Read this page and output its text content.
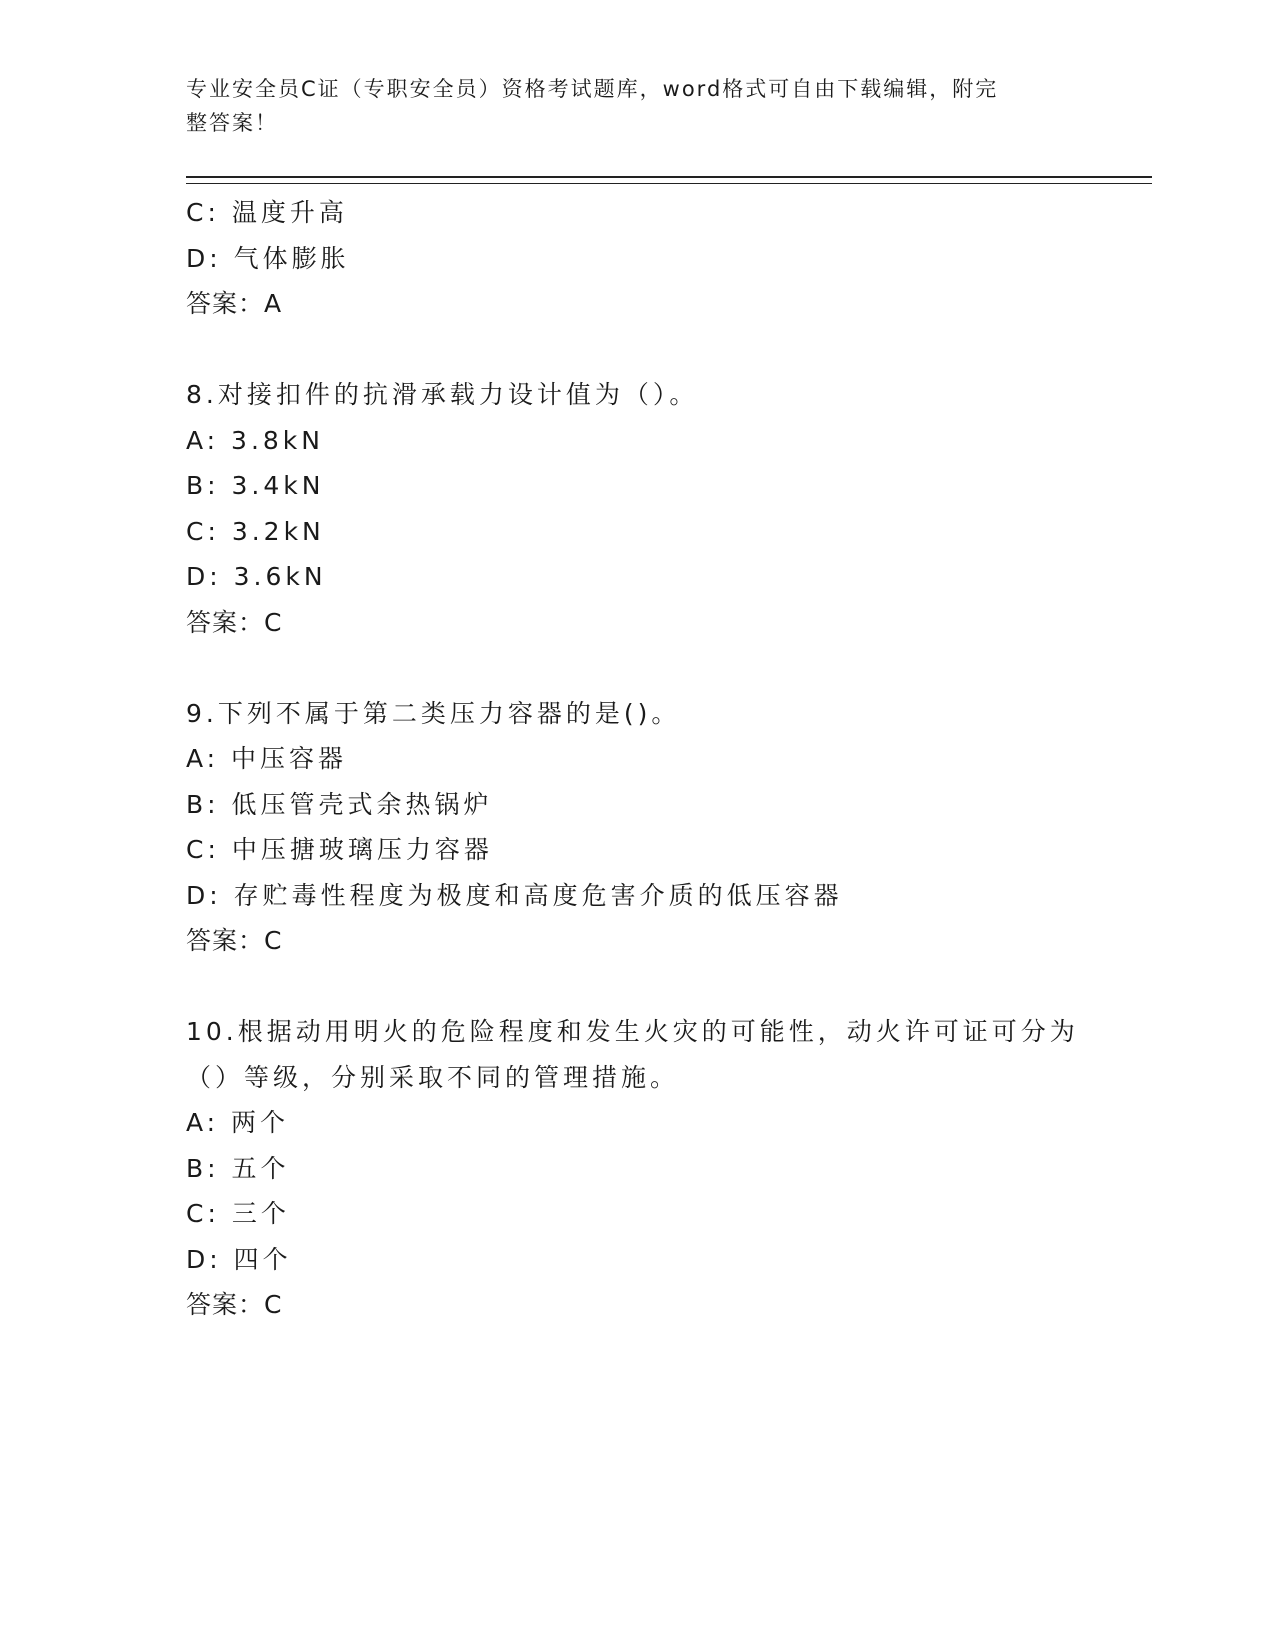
专业安全员C证（专职安全员）资格考试题库，word格式可自由下载编辑，附完
整答案！
C: 温度升高
D: 气体膨胀
答案：A
8.对接扣件的抗滑承载力设计值为（）。
A: 3.8kN
B: 3.4kN
C: 3.2kN
D: 3.6kN
答案：C
9.下列不属于第二类压力容器的是()。
A: 中压容器
B: 低压管壳式余热锅炉
C: 中压搪玻璃压力容器
D: 存贮毒性程度为极度和高度危害介质的低压容器
答案：C
10.根据动用明火的危险程度和发生火灾的可能性，动火许可证可分为
（）等级，分别采取不同的管理措施。
A: 两个
B: 五个
C: 三个
D: 四个
答案：C
